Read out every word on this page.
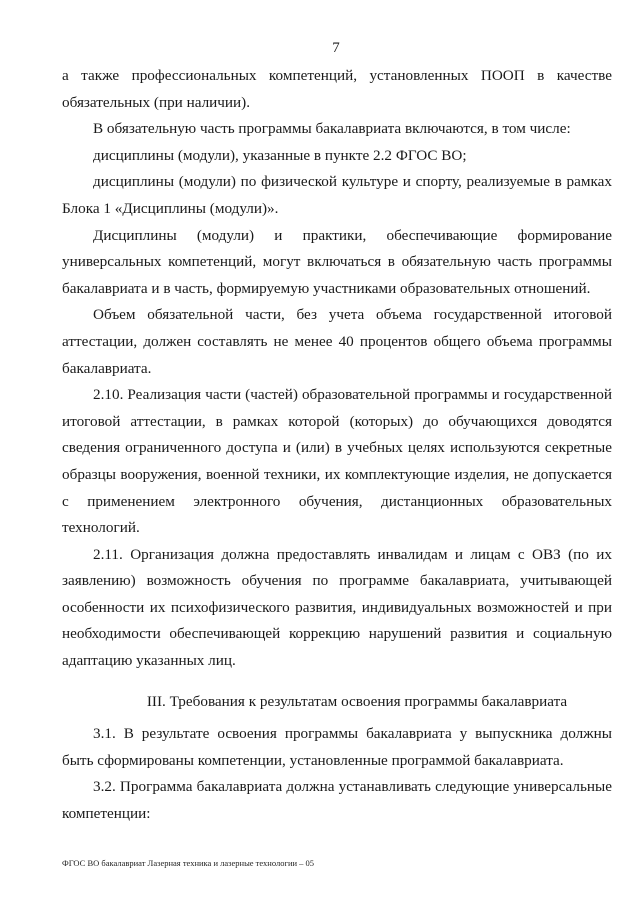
7

а также профессиональных компетенций, установленных ПООП в качестве обязательных (при наличии).

В обязательную часть программы бакалавриата включаются, в том числе:

дисциплины (модули), указанные в пункте 2.2 ФГОС ВО;

дисциплины (модули) по физической культуре и спорту, реализуемые в рамках Блока 1 «Дисциплины (модули)».

Дисциплины (модули) и практики, обеспечивающие формирование универсальных компетенций, могут включаться в обязательную часть программы бакалавриата и в часть, формируемую участниками образовательных отношений.

Объем обязательной части, без учета объема государственной итоговой аттестации, должен составлять не менее 40 процентов общего объема программы бакалавриата.

2.10. Реализация части (частей) образовательной программы и государственной итоговой аттестации, в рамках которой (которых) до обучающихся доводятся сведения ограниченного доступа и (или) в учебных целях используются секретные образцы вооружения, военной техники, их комплектующие изделия, не допускается с применением электронного обучения, дистанционных образовательных технологий.

2.11. Организация должна предоставлять инвалидам и лицам с ОВЗ (по их заявлению) возможность обучения по программе бакалавриата, учитывающей особенности их психофизического развития, индивидуальных возможностей и при необходимости обеспечивающей коррекцию нарушений развития и социальную адаптацию указанных лиц.

III. Требования к результатам освоения программы бакалавриата

3.1. В результате освоения программы бакалавриата у выпускника должны быть сформированы компетенции, установленные программой бакалавриата.

3.2. Программа бакалавриата должна устанавливать следующие универсальные компетенции:

ФГОС ВО бакалавриат Лазерная техника и лазерные технологии – 05
